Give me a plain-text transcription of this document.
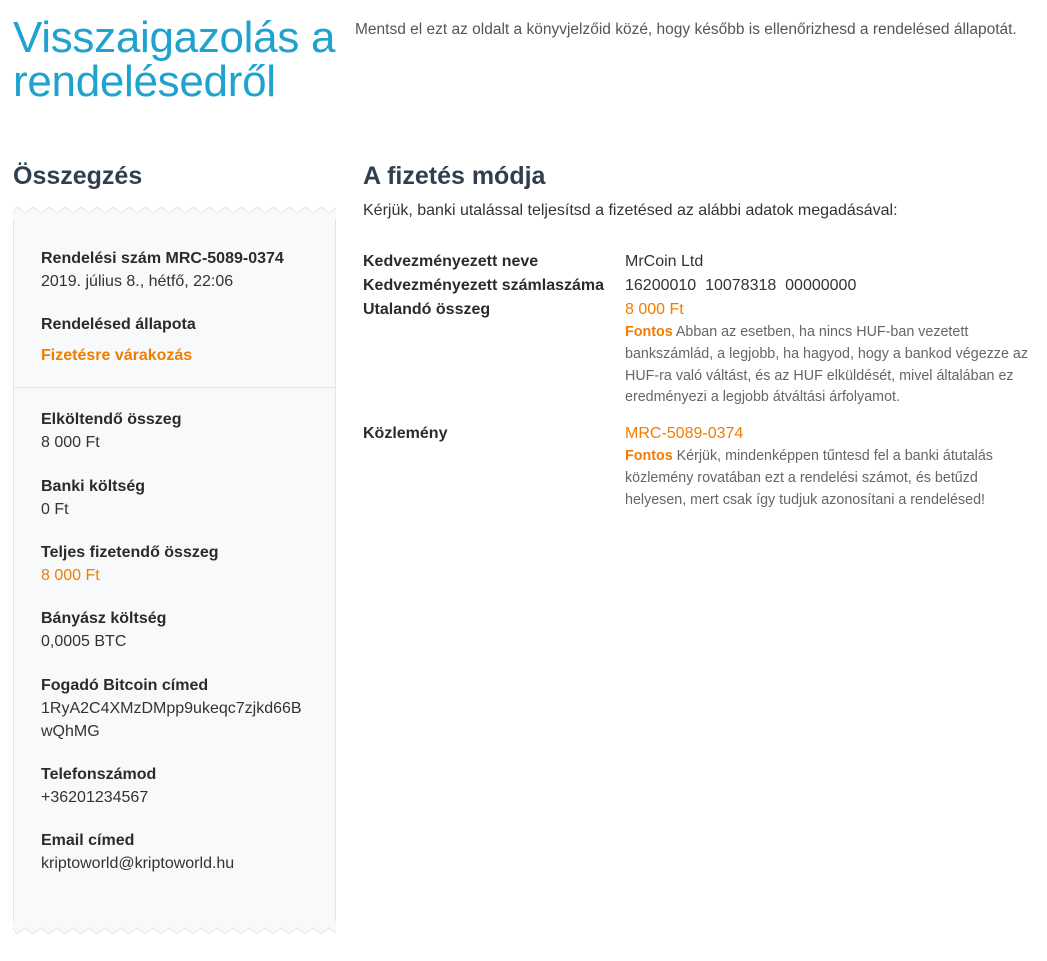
Visszaigazolás a rendelésedről
Mentsd el ezt az oldalt a könyvjelzőid közé, hogy később is ellenőrizhesd a rendelésed állapotát.
Összegzés
Rendelési szám MRC-5089-0374
2019. július 8., hétfő, 22:06
Rendelésed állapota
Fizetésre várakozás
Elköltendő összeg
8 000 Ft
Banki költség
0 Ft
Teljes fizetendő összeg
8 000 Ft
Bányász költség
0,0005 BTC
Fogadó Bitcoin címed
1RyA2C4XMzDMpp9ukeqc7zjkd66BwQhMG
Telefonszámod
+36201234567
Email címed
kriptoworld@kriptoworld.hu
A fizetés módja

Kérjük, banki utalással teljesítsd a fizetésed az alábbi adatok megadásával:

Kedvezményezett neve	MrCoin Ltd
Kedvezményezett számlaszáma 16200010  10078318  00000000
Utalandó összeg	8 000 Ft
Fontos Abban az esetben, ha nincs HUF-ban vezetett bankszámlád, a legjobb, ha hagyod, hogy a bankod végezze az HUF-ra való váltást, és az HUF elküldését, mivel általában ez eredményezi a legjobb átváltási árfolyamot.
Közlemény	MRC-5089-0374
Fontos Kérjük, mindenképpen tűntesd fel a banki átutalás közlemény rovatában ezt a rendelési számot, és betűzd helyesen, mert csak így tudjuk azonosítani a rendelésed!
